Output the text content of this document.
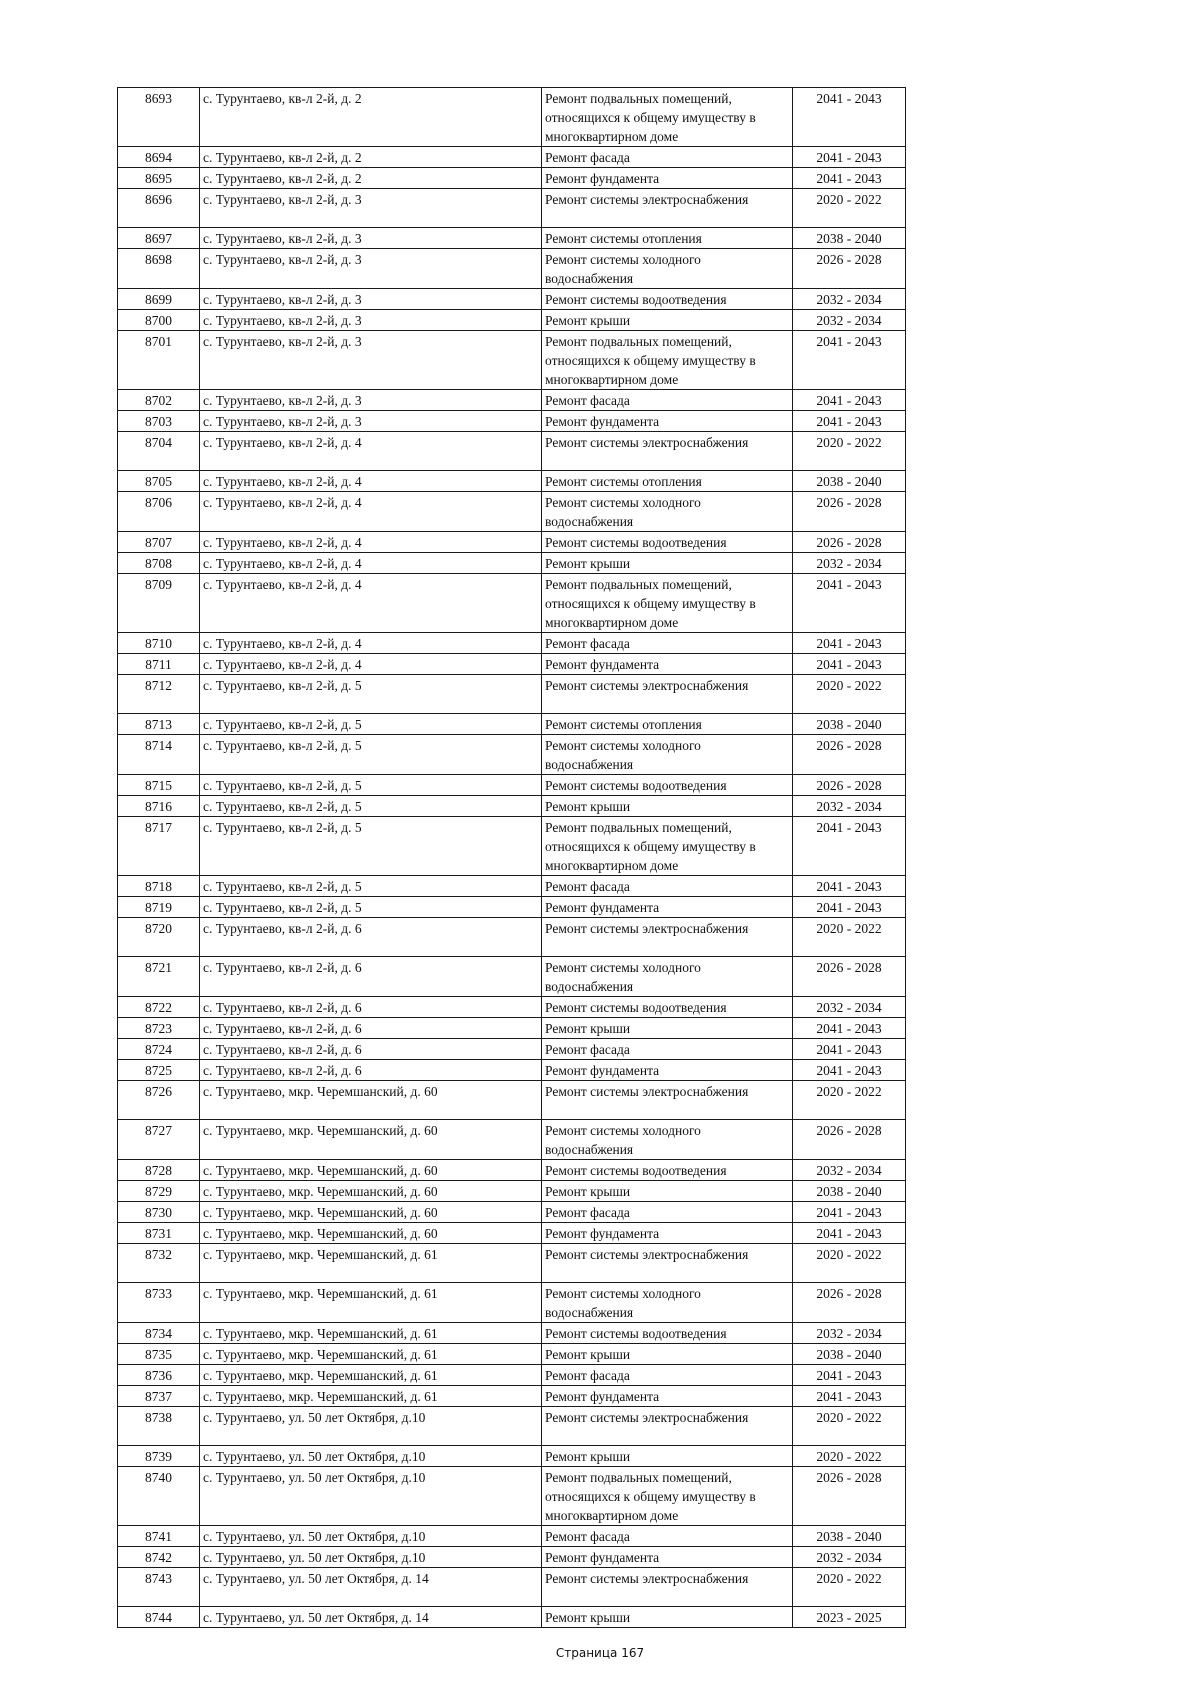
8693	с. Турунтаево, кв-л 2-й, д. 2	Ремонт подвальных помещений, относящихся к общему имуществу в многоквартирном доме	2041 - 2043
8694	с. Турунтаево, кв-л 2-й, д. 2	Ремонт фасада	2041 - 2043
8695	с. Турунтаево, кв-л 2-й, д. 2	Ремонт фундамента	2041 - 2043
8696	с. Турунтаево, кв-л 2-й, д. 3	Ремонт системы электроснабжения	2020 - 2022
8697	с. Турунтаево, кв-л 2-й, д. 3	Ремонт системы отопления	2038 - 2040
8698	с. Турунтаево, кв-л 2-й, д. 3	Ремонт системы холодного водоснабжения	2026 - 2028
8699	с. Турунтаево, кв-л 2-й, д. 3	Ремонт системы водоотведения	2032 - 2034
8700	с. Турунтаево, кв-л 2-й, д. 3	Ремонт крыши	2032 - 2034
8701	с. Турунтаево, кв-л 2-й, д. 3	Ремонт подвальных помещений, относящихся к общему имуществу в многоквартирном доме	2041 - 2043
8702	с. Турунтаево, кв-л 2-й, д. 3	Ремонт фасада	2041 - 2043
8703	с. Турунтаево, кв-л 2-й, д. 3	Ремонт фундамента	2041 - 2043
8704	с. Турунтаево, кв-л 2-й, д. 4	Ремонт системы электроснабжения	2020 - 2022
8705	с. Турунтаево, кв-л 2-й, д. 4	Ремонт системы отопления	2038 - 2040
8706	с. Турунтаево, кв-л 2-й, д. 4	Ремонт системы холодного водоснабжения	2026 - 2028
8707	с. Турунтаево, кв-л 2-й, д. 4	Ремонт системы водоотведения	2026 - 2028
8708	с. Турунтаево, кв-л 2-й, д. 4	Ремонт крыши	2032 - 2034
8709	с. Турунтаево, кв-л 2-й, д. 4	Ремонт подвальных помещений, относящихся к общему имуществу в многоквартирном доме	2041 - 2043
8710	с. Турунтаево, кв-л 2-й, д. 4	Ремонт фасада	2041 - 2043
8711	с. Турунтаево, кв-л 2-й, д. 4	Ремонт фундамента	2041 - 2043
8712	с. Турунтаево, кв-л 2-й, д. 5	Ремонт системы электроснабжения	2020 - 2022
8713	с. Турунтаево, кв-л 2-й, д. 5	Ремонт системы отопления	2038 - 2040
8714	с. Турунтаево, кв-л 2-й, д. 5	Ремонт системы холодного водоснабжения	2026 - 2028
8715	с. Турунтаево, кв-л 2-й, д. 5	Ремонт системы водоотведения	2026 - 2028
8716	с. Турунтаево, кв-л 2-й, д. 5	Ремонт крыши	2032 - 2034
8717	с. Турунтаево, кв-л 2-й, д. 5	Ремонт подвальных помещений, относящихся к общему имуществу в многоквартирном доме	2041 - 2043
8718	с. Турунтаево, кв-л 2-й, д. 5	Ремонт фасада	2041 - 2043
8719	с. Турунтаево, кв-л 2-й, д. 5	Ремонт фундамента	2041 - 2043
8720	с. Турунтаево, кв-л 2-й, д. 6	Ремонт системы электроснабжения	2020 - 2022
8721	с. Турунтаево, кв-л 2-й, д. 6	Ремонт системы холодного водоснабжения	2026 - 2028
8722	с. Турунтаево, кв-л 2-й, д. 6	Ремонт системы водоотведения	2032 - 2034
8723	с. Турунтаево, кв-л 2-й, д. 6	Ремонт крыши	2041 - 2043
8724	с. Турунтаево, кв-л 2-й, д. 6	Ремонт фасада	2041 - 2043
8725	с. Турунтаево, кв-л 2-й, д. 6	Ремонт фундамента	2041 - 2043
8726	с. Турунтаево, мкр. Черемшанский, д. 60	Ремонт системы электроснабжения	2020 - 2022
8727	с. Турунтаево, мкр. Черемшанский, д. 60	Ремонт системы холодного водоснабжения	2026 - 2028
8728	с. Турунтаево, мкр. Черемшанский, д. 60	Ремонт системы водоотведения	2032 - 2034
8729	с. Турунтаево, мкр. Черемшанский, д. 60	Ремонт крыши	2038 - 2040
8730	с. Турунтаево, мкр. Черемшанский, д. 60	Ремонт фасада	2041 - 2043
8731	с. Турунтаево, мкр. Черемшанский, д. 60	Ремонт фундамента	2041 - 2043
8732	с. Турунтаево, мкр. Черемшанский, д. 61	Ремонт системы электроснабжения	2020 - 2022
8733	с. Турунтаево, мкр. Черемшанский, д. 61	Ремонт системы холодного водоснабжения	2026 - 2028
8734	с. Турунтаево, мкр. Черемшанский, д. 61	Ремонт системы водоотведения	2032 - 2034
8735	с. Турунтаево, мкр. Черемшанский, д. 61	Ремонт крыши	2038 - 2040
8736	с. Турунтаево, мкр. Черемшанский, д. 61	Ремонт фасада	2041 - 2043
8737	с. Турунтаево, мкр. Черемшанский, д. 61	Ремонт фундамента	2041 - 2043
8738	с. Турунтаево, ул. 50 лет Октября, д.10	Ремонт системы электроснабжения	2020 - 2022
8739	с. Турунтаево, ул. 50 лет Октября, д.10	Ремонт крыши	2020 - 2022
8740	с. Турунтаево, ул. 50 лет Октября, д.10	Ремонт подвальных помещений, относящихся к общему имуществу в многоквартирном доме	2026 - 2028
8741	с. Турунтаево, ул. 50 лет Октября, д.10	Ремонт фасада	2038 - 2040
8742	с. Турунтаево, ул. 50 лет Октября, д.10	Ремонт фундамента	2032 - 2034
8743	с. Турунтаево, ул. 50 лет Октября, д. 14	Ремонт системы электроснабжения	2020 - 2022
8744	с. Турунтаево, ул. 50 лет Октября, д. 14	Ремонт крыши	2023 - 2025
Страница 167
